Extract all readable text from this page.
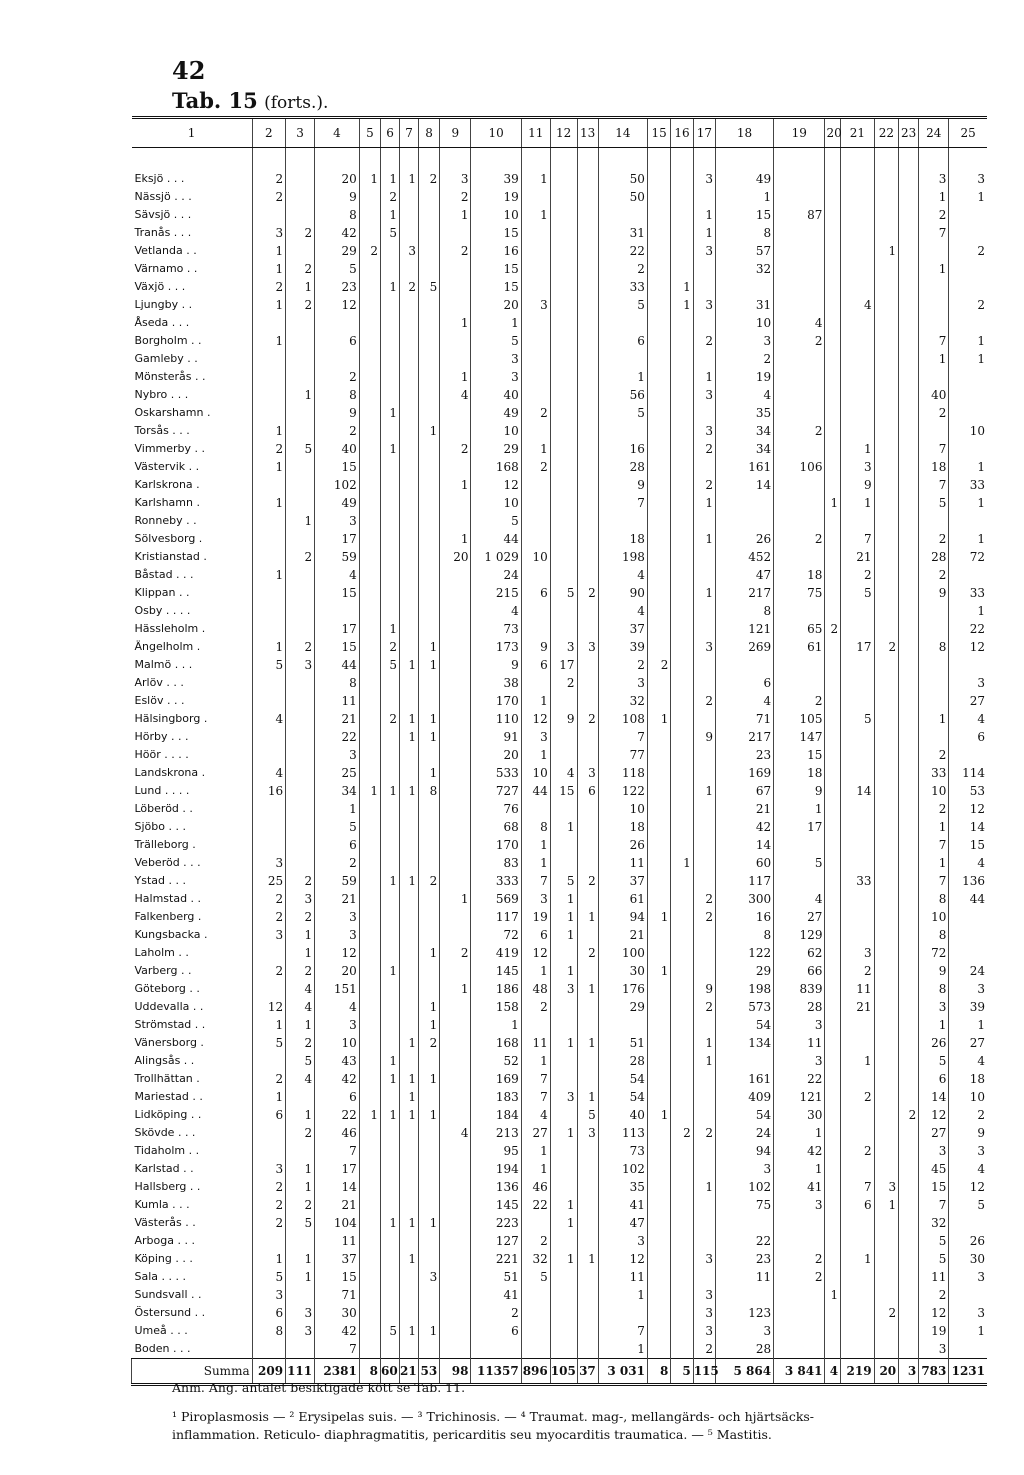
42
Tab. 15 (forts.).
1	2	3	4	5	6	7	8	9	10	11	12	13	14	15	16	17	18	19	20	21	22	23	24	25

Eksjö . . .	2		20	1	1	1	2	3	39	1			50			3	49						3	3
Nässjö . . .	2		9		2			2	19				50				1						1	1
Sävsjö . . .			8		1			1	10	1						1	15	87					2	
Tranås . . .	3	2	42		5				15				31			1	8						7	
Vetlanda . .	1		29	2		3		2	16				22			3	57				1			2
Värnamo . .	1	2	5						15				2				32						1	
Växjö . . .	2	1	23		1	2	5		15				33		1									
Ljungby . .	1	2	12						20	3			5		1	3	31			4				2
Åseda . . .								1	1								10	4						
Borgholm . .	1		6						5				6			2	3	2					7	1
Gamleby . .									3								2						1	1
Mönsterås . .			2					1	3				1			1	19							
Nybro . . .		1	8					4	40				56			3	4						40	
Oskarshamn .			9		1				49	2			5				35						2	
Torsås . . .	1		2				1		10							3	34	2						10
Vimmerby . .	2	5	40		1			2	29	1			16			2	34			1			7	
Västervik . .	1		15						168	2			28				161	106		3			18	1
Karlskrona .			102					1	12				9			2	14			9			7	33
Karlshamn .	1		49						10				7			1			1	1			5	1
Ronneby . .		1	3						5															
Sölvesborg .			17					1	44				18			1	26	2		7			2	1
Kristianstad .		2	59					20	1 029	10			198				452			21			28	72
Båstad . . .	1		4						24				4				47	18		2			2	
Klippan . .			15						215	6	5	2	90			1	217	75		5			9	33
Osby . . . .									4				4				8							1
Hässleholm .			17		1				73				37				121	65	2					22
Ängelholm .	1	2	15		2		1		173	9	3	3	39			3	269	61		17	2		8	12
Malmö . . .	5	3	44		5	1	1		9	6	17		2	2										
Arlöv . . .			8						38		2		3				6							3
Eslöv . . .			11						170	1			32			2	4	2						27
Hälsingborg .	4		21		2	1	1		110	12	9	2	108	1			71	105		5			1	4
Hörby . . .			22			1	1		91	3			7			9	217	147						6
Höör . . . .			3						20	1			77				23	15					2	
Landskrona .	4		25				1		533	10	4	3	118				169	18					33	114
Lund . . . .	16		34	1	1	1	8		727	44	15	6	122			1	67	9		14			10	53
Löberöd . .			1						76				10				21	1					2	12
Sjöbo . . .			5						68	8	1		18				42	17					1	14
Trälleborg .			6						170	1			26				14						7	15
Veberöd . . .	3		2						83	1			11		1		60	5					1	4
Ystad . . .	25	2	59		1	1	2		333	7	5	2	37				117			33			7	136
Halmstad . .	2	3	21					1	569	3	1		61			2	300	4					8	44
Falkenberg .	2	2	3						117	19	1	1	94	1		2	16	27					10	
Kungsbacka .	3	1	3						72	6	1		21				8	129					8	
Laholm . .		1	12				1	2	419	12		2	100				122	62		3			72	
Varberg . .	2	2	20		1				145	1	1		30	1			29	66		2			9	24
Göteborg . .		4	151					1	186	48	3	1	176			9	198	839		11			8	3
Uddevalla . .	12	4	4				1		158	2			29			2	573	28		21			3	39
Strömstad . .	1	1	3				1		1								54	3					1	1
Vänersborg .	5	2	10			1	2		168	11	1	1	51			1	134	11					26	27
Alingsås . .		5	43		1				52	1			28			1		3		1			5	4
Trollhättan .	2	4	42		1	1	1		169	7			54				161	22					6	18
Mariestad . .	1		6			1			183	7	3	1	54				409	121		2			14	10
Lidköping . .	6	1	22	1	1	1	1		184	4		5	40	1			54	30				2	12	2
Skövde . . .		2	46					4	213	27	1	3	113		2	2	24	1					27	9
Tidaholm . .			7						95	1			73				94	42		2			3	3
Karlstad . .	3	1	17						194	1			102				3	1					45	4
Hallsberg . .	2	1	14						136	46			35			1	102	41		7	3		15	12
Kumla . . .	2	2	21						145	22	1		41				75	3		6	1		7	5
Västerås . .	2	5	104		1	1	1		223		1		47										32	
Arboga . . .			11						127	2			3				22						5	26
Köping . . .	1	1	37			1			221	32	1	1	12			3	23	2		1			5	30
Sala . . . .	5	1	15				3		51	5			11				11	2					11	3
Sundsvall . .	3		71						41				1			3			1				2	
Östersund . .	6	3	30						2							3	123				2		12	3
Umeå . . .	8	3	42		5	1	1		6				7			3	3						19	1
Boden . . .			7										1			2	28						3	
Summa	209	111	2381	8	60	21	53	98	11357	896	105	37	3 031	8	5	115	5 864	3 841	4	219	20	3	783	1231
Anm. Ang. antalet besiktigade kött se Tab. 11.
¹ Piroplasmosis — ² Erysipelas suis. — ³ Trichinosis. — ⁴ Traumat. mag-, mellangärds- och hjärtsäcks-
inflammation. Reticulo- diaphragmatitis, pericarditis seu myocarditis traumatica. — ⁵ Mastitis.
